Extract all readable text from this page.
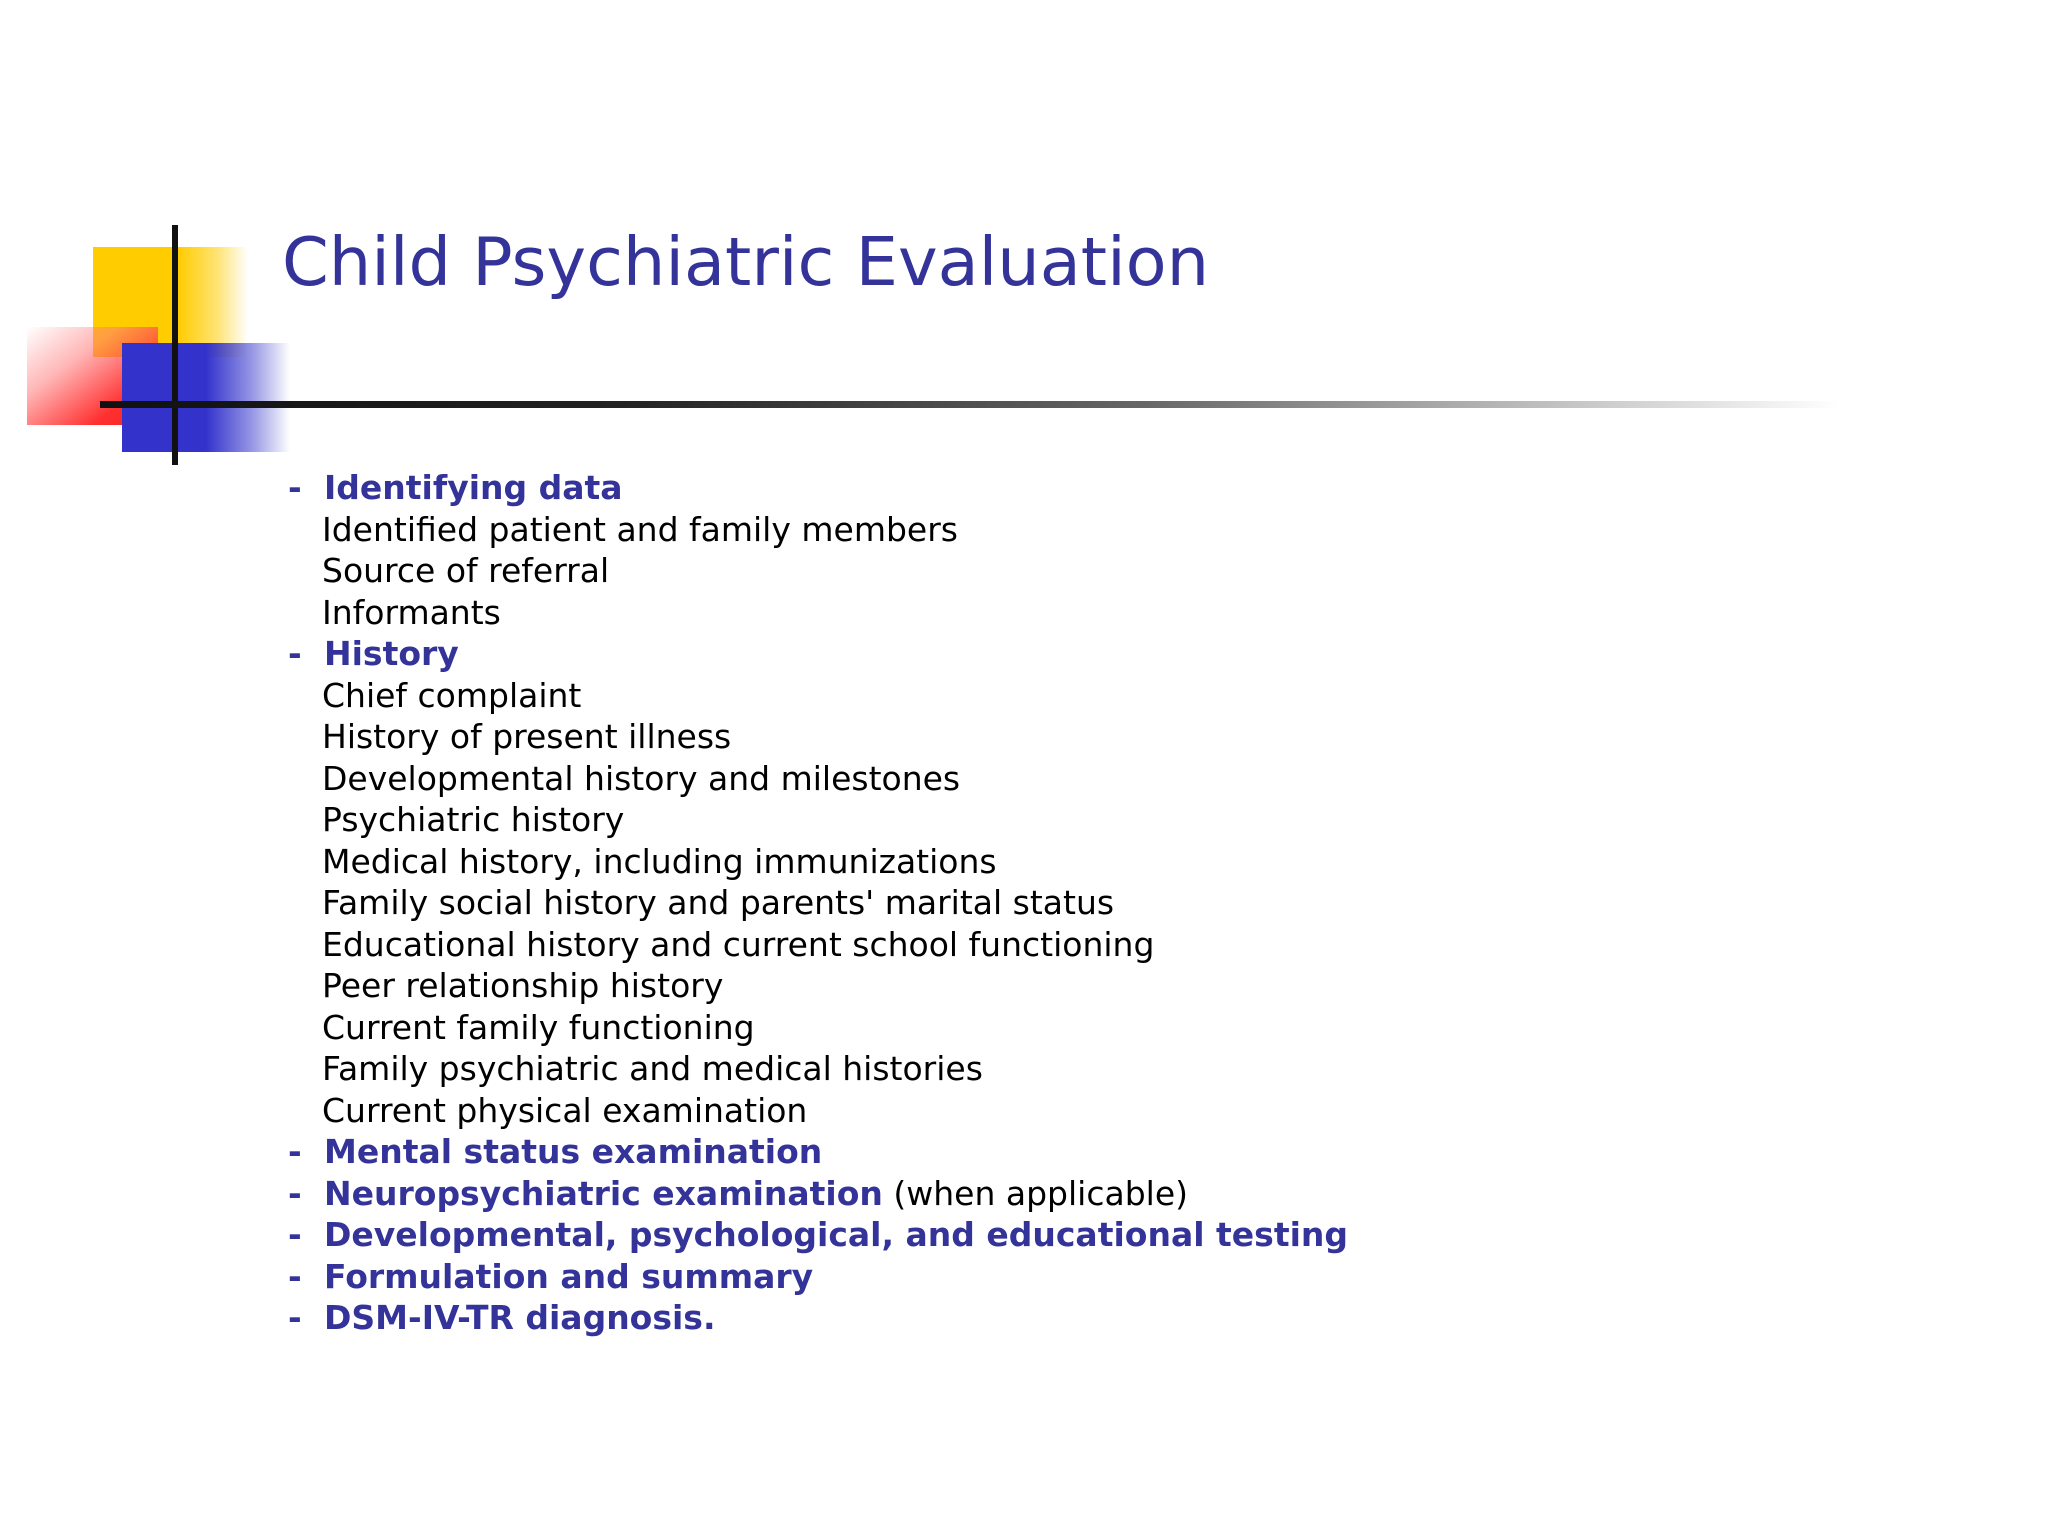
Child Psychiatric Evaluation
- Identifying data
Identified patient and family members
Source of referral
Informants
- History
Chief complaint
History of present illness
Developmental history and milestones
Psychiatric history
Medical history, including immunizations
Family social history and parents' marital status
Educational history and current school functioning
Peer relationship history
Current family functioning
Family psychiatric and medical histories
Current physical examination
- Mental status examination
- Neuropsychiatric examination (when applicable)
- Developmental, psychological, and educational testing
- Formulation and summary
- DSM-IV-TR diagnosis.
